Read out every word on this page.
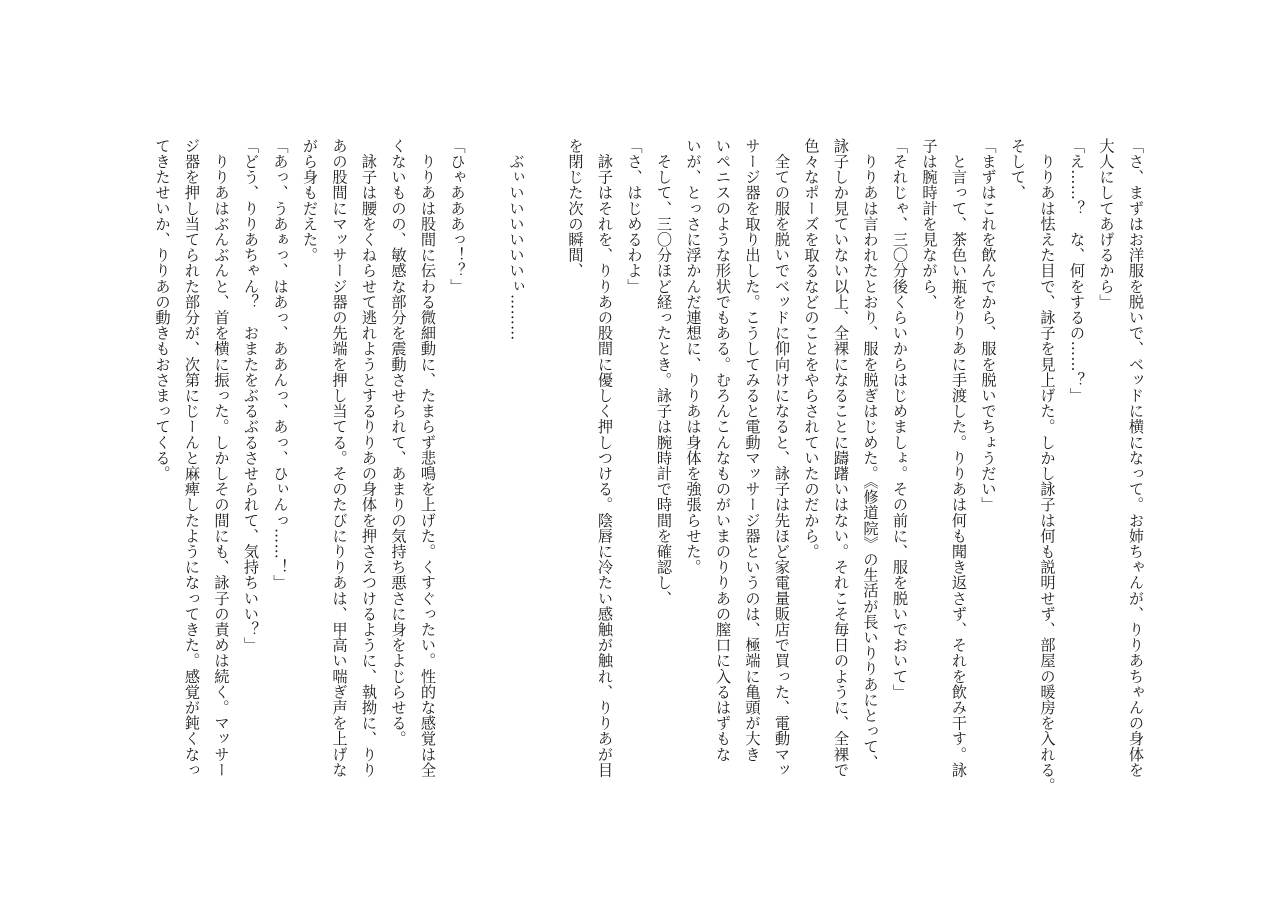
「さ、まずはお洋服を脱いで、ベッドに横になって。お姉ちゃんが、りりあちゃんの身体を
大人にしてあげるから」
「え……？　な、何をするの……？」
　りりあは怯えた目で、詠子を見上げた。しかし詠子は何も説明せず、部屋の暖房を入れる。
そして、
「まずはこれを飲んでから、服を脱いでちょうだい」
　と言って、茶色い瓶をりりあに手渡した。りりあは何も聞き返さず、それを飲み干す。詠
子は腕時計を見ながら、
「それじゃ、三〇分後くらいからはじめましょ。その前に、服を脱いでおいて」
　りりあは言われたとおり、服を脱ぎはじめた。《修道院》の生活が長いりりあにとって、
詠子しか見ていない以上、全裸になることに躊躇いはない。それこそ毎日のように、全裸で
色々なポーズを取るなどのことをやらされていたのだから。
　全ての服を脱いでベッドに仰向けになると、詠子は先ほど家電量販店で買った、電動マッ
サージ器を取り出した。こうしてみると電動マッサージ器というのは、極端に亀頭が大き
いペニスのような形状でもある。むろんこんなものがいまのりりあの膣口に入るはずもな
いが、とっさに浮かんだ連想に、りりあは身体を強張らせた。
　そして、三〇分ほど経ったとき。詠子は腕時計で時間を確認し、
「さ、はじめるわよ」
　詠子はそれを、りりあの股間に優しく押しつける。陰唇に冷たい感触が触れ、りりあが目
を閉じた次の瞬間、
　ぶぃいいいいいいぃ………
「ひゃあああっ！？」
　りりあは股間に伝わる微細動に、たまらず悲鳴を上げた。くすぐったい。性的な感覚は全
くないものの、敏感な部分を震動させられて、あまりの気持ち悪さに身をよじらせる。
　詠子は腰をくねらせて逃れようとするりりあの身体を押さえつけるように、執拗に、りり
あの股間にマッサージ器の先端を押し当てる。そのたびにりりあは、甲高い喘ぎ声を上げな
がら身もだえた。
「あっ、うあぁっ、はあっ、ああんっ、あっ、ひぃんっ……！」
「どう、りりあちゃん？　おまたをぶるぶるさせられて、気持ちいい？」
　りりあはぶんぶんと、首を横に振った。しかしその間にも、詠子の責めは続く。マッサー
ジ器を押し当てられた部分が、次第にじーんと麻痺したようになってきた。感覚が鈍くなっ
てきたせいか、りりあの動きもおさまってくる。
